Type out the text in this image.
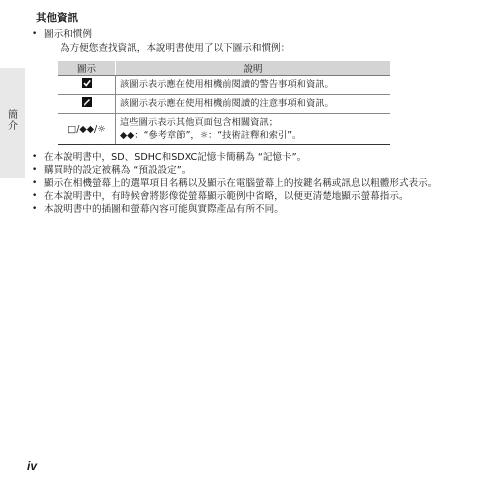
簡介
其他資訊
• 圖示和慣例
為方便您查找資訊，本說明書使用了以下圖示和慣例：
圖示	說明
	該圖示表示應在使用相機前閱讀的警告事項和資訊。
	該圖示表示應在使用相機前閱讀的注意事項和資訊。
□/◆◆/☼	這些圖示表示其他頁面包含相關資訊；
◆◆：“參考章節”，☼：“技術註釋和索引”。
• 在本說明書中，SD、SDHC和SDXC記憶卡簡稱為 “記憶卡”。
• 購買時的設定被稱為 “預設設定”。
• 顯示在相機螢幕上的選單項目名稱以及顯示在電腦螢幕上的按鍵名稱或訊息以粗體形式表示。
• 在本說明書中，有時候會將影像從螢幕顯示範例中省略，以便更清楚地顯示螢幕指示。
• 本說明書中的插圖和螢幕內容可能與實際產品有所不同。
iv
